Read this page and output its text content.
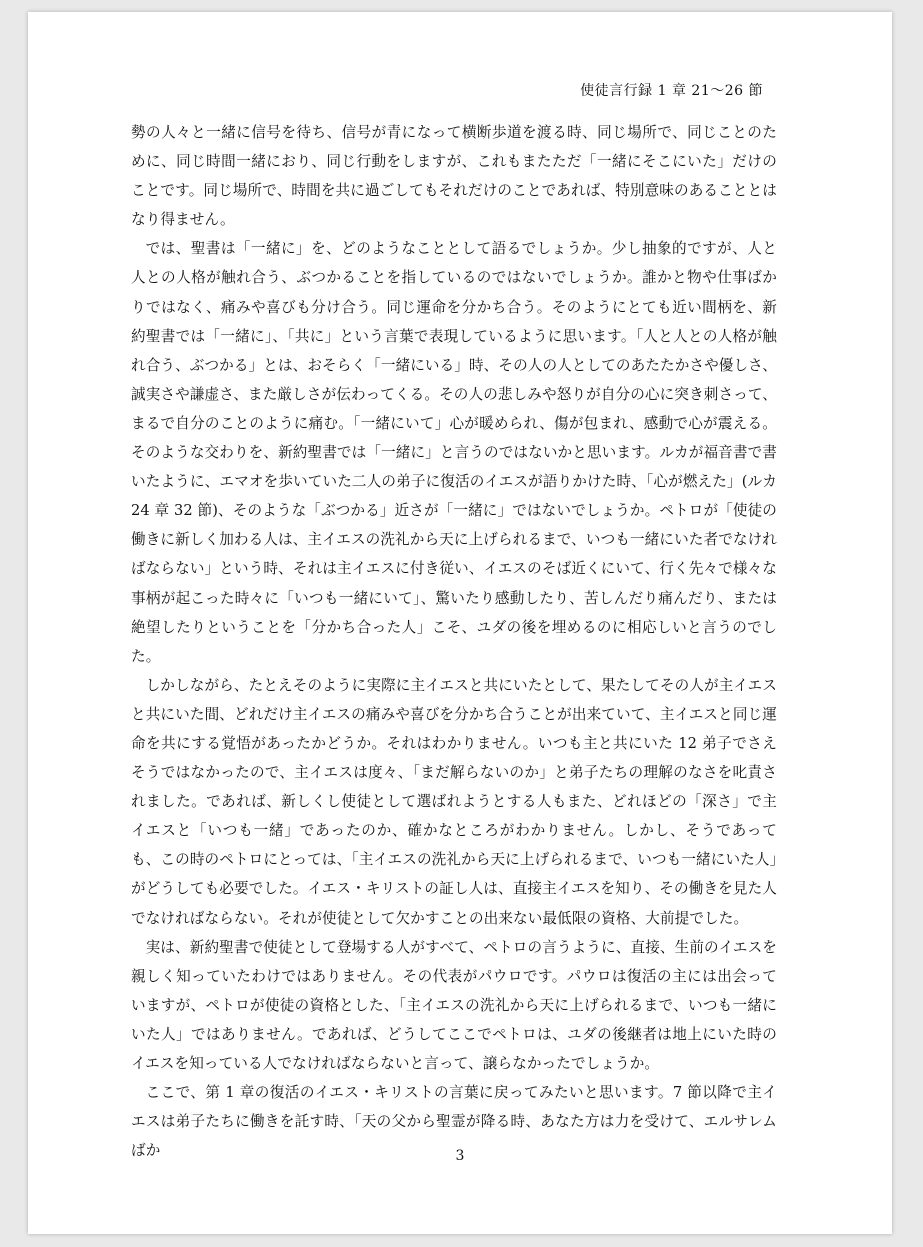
使徒言行録 1 章 21〜26 節

勢の人々と一緒に信号を待ち、信号が青になって横断歩道を渡る時、同じ場所で、同じことのために、同じ時間一緒におり、同じ行動をしますが、これもまたただ「一緒にそこにいた」だけのことです。同じ場所で、時間を共に過ごしてもそれだけのことであれば、特別意味のあることとはなり得ません。

では、聖書は「一緒に」を、どのようなこととして語るでしょうか。少し抽象的ですが、人と人との人格が触れ合う、ぶつかることを指しているのではないでしょうか。誰かと物や仕事ばかりではなく、痛みや喜びも分け合う。同じ運命を分かち合う。そのようにとても近い間柄を、新約聖書では「一緒に」、「共に」という言葉で表現しているように思います。「人と人との人格が触れ合う、ぶつかる」とは、おそらく「一緒にいる」時、その人の人としてのあたたかさや優しさ、誠実さや謙虚さ、また厳しさが伝わってくる。その人の悲しみや怒りが自分の心に突き刺さって、まるで自分のことのように痛む。「一緒にいて」心が暖められ、傷が包まれ、感動で心が震える。そのような交わりを、新約聖書では「一緒に」と言うのではないかと思います。ルカが福音書で書いたように、エマオを歩いていた二人の弟子に復活のイエスが語りかけた時、「心が燃えた」(ルカ 24 章 32 節)、そのような「ぶつかる」近さが「一緒に」ではないでしょうか。ペトロが「使徒の働きに新しく加わる人は、主イエスの洗礼から天に上げられるまで、いつも一緒にいた者でなければならない」という時、それは主イエスに付き従い、イエスのそば近くにいて、行く先々で様々な事柄が起こった時々に「いつも一緒にいて」、驚いたり感動したり、苦しんだり痛んだり、または絶望したりということを「分かち合った人」こそ、ユダの後を埋めるのに相応しいと言うのでした。

しかしながら、たとえそのように実際に主イエスと共にいたとして、果たしてその人が主イエスと共にいた間、どれだけ主イエスの痛みや喜びを分かち合うことが出来ていて、主イエスと同じ運命を共にする覚悟があったかどうか。それはわかりません。いつも主と共にいた 12 弟子でさえそうではなかったので、主イエスは度々、「まだ解らないのか」と弟子たちの理解のなさを叱責されました。であれば、新しくし使徒として選ばれようとする人もまた、どれほどの「深さ」で主イエスと「いつも一緒」であったのか、確かなところがわかりません。しかし、そうであっても、この時のペトロにとっては、「主イエスの洗礼から天に上げられるまで、いつも一緒にいた人」がどうしても必要でした。イエス・キリストの証し人は、直接主イエスを知り、その働きを見た人でなければならない。それが使徒として欠かすことの出来ない最低限の資格、大前提でした。

実は、新約聖書で使徒として登場する人がすべて、ペトロの言うように、直接、生前のイエスを親しく知っていたわけではありません。その代表がパウロです。パウロは復活の主には出会っていますが、ペトロが使徒の資格とした、「主イエスの洗礼から天に上げられるまで、いつも一緒にいた人」ではありません。であれば、どうしてここでペトロは、ユダの後継者は地上にいた時のイエスを知っている人でなければならないと言って、譲らなかったでしょうか。

ここで、第 1 章の復活のイエス・キリストの言葉に戻ってみたいと思います。7 節以降で主イエスは弟子たちに働きを託す時、「天の父から聖霊が降る時、あなた方は力を受けて、エルサレムばか	3
